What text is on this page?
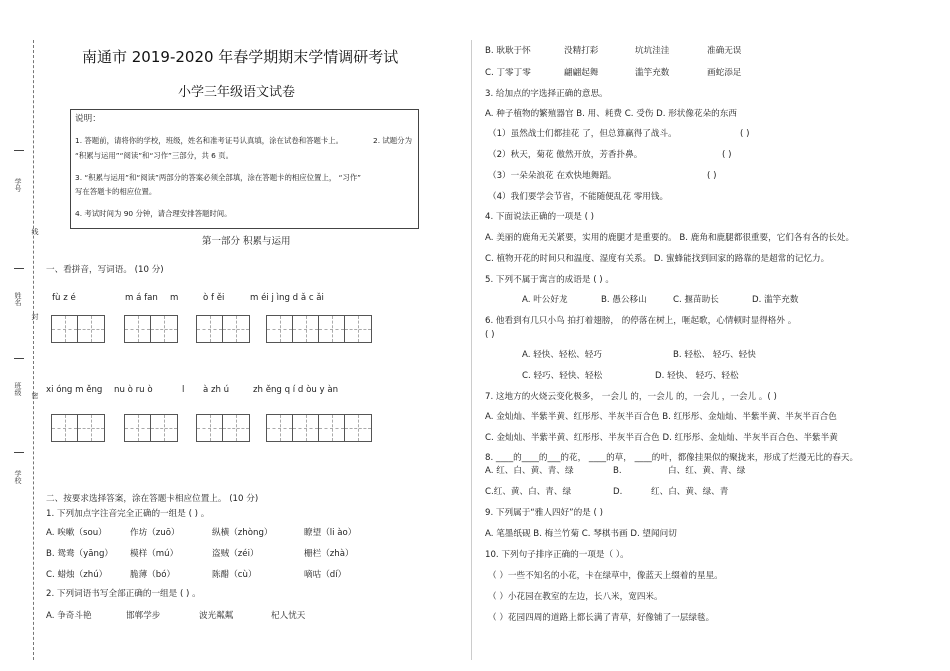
学号
线
姓名
封
班级 密
学校
南通市 2019-2020 年春学期期末学情调研考试
小学三年级语文试卷
说明：
1. 答题前，请将你的学校，班级，姓名和准考证号认真填，涂在试卷和答题卡上。	2. 试题分为
“积累与运用”“阅读”和“习作”三部分，共 6 页。
3. “积累与运用”和“阅读”两部分的答案必须全部填，涂在答题卡的相应位置上， “习作”
写在答题卡的相应位置。
4. 考试时间为 90 分钟，请合理安排答题时间。
第一部分 积累与运用
一、看拼音，写词语。 (10 分)
fù z é	m á fan m	ò f ěi	m éi j ìng d ǎ c ǎi
xi óng m ěng nu ò ru ò	l à zh ú	zh ěng q í d òu y àn
二、按要求选择答案，涂在答题卡相应位置上。 (10 分)
1. 下列加点字注音完全正确的一组是 ( ) 。
A. 唉嗽（sou）	作坊（zuō）	纵横（zhòng）	瞭望（li ào）
B. 鸳鸯（yāng） 模样（mú）	盗贼（zéi）	栅栏（zhà）
C. 蜡烛（zhú）	脆薄（bó）	陈醋（cù）	嘀咕（dí）
2. 下列词语书写全部正确的一组是 ( ) 。
A. 争奇斗艳	邯郸学步	波光粼粼	杞人忧天
B. 耿耿于怀	没精打彩	坑坑洼洼	准确无误
C. 丁零丁零	翩翩起舞	滥竽充数	画蛇添足
3. 给加点的字选择正确的意思。
A. 种子植物的繁殖器官 B. 用、耗费 C. 受伤 D. 形状像花朵的东西
（1）虽然战士们都挂花 了，但总算赢得了战斗。	( )
（2）秋天，菊花 傲然开放，芳香扑鼻。	( )
（3）一朵朵浪花 在欢快地舞蹈。	( )
（4）我们要学会节省，不能随便乱花 零用钱。
4. 下面说法正确的一项是 ( )
A. 美丽的鹿角无关紧要，实用的鹿腿才是重要的。 B. 鹿角和鹿腿都很重要，它们各有各的长处。
C. 植物开花的时间只和温度、湿度有关系。 D. 蜜蜂能找到回家的路靠的是超常的记忆力。
5. 下列不属于寓言的成语是 ( ) 。
A. 叶公好龙	B. 愚公移山	C. 揠苗助长	D. 滥竽充数
6. 他看到有几只小鸟 拍打着翅膀， 的停落在树上，咂起歌，心情顿时显得格外 。
( )
A. 轻快、轻松、轻巧	B. 轻松、 轻巧、轻快
C. 轻巧、轻快、轻松	D. 轻快、 轻巧、轻松
7. 这地方的火烧云变化极多， 一会儿 的，一会儿 的，一会儿 ，一会儿 。( )
A. 金灿灿、半紫半黄、红彤彤、半灰半百合色 B. 红彤彤、金灿灿、半紫半黄、半灰半百合色
C. 金灿灿、半紫半黄、红彤彤、半灰半百合色 D. 红彤彤、金灿灿、半灰半百合色、半紫半黄
8. ____的____的___的花， ____的草， ____的叶，都像挂果似的聚拢来，形成了烂漫无比的春天。
A. 红、白、黄、青、绿	B.	白、红、黄、青、绿
C.红、黄、白、青、绿	D.	红、白、黄、绿、青
9. 下列属于“雅人四好”的是 ( )
A. 笔墨纸砚 B. 梅兰竹菊 C. 琴棋书画 D. 望闻问切
10. 下列句子排序正确的一项是（ ）。
（ ）一些不知名的小花，卡在绿草中，像蓝天上缀着的星星。
（ ）小花园在教室的左边，长八米，宽四米。
（ ）花园四周的道路上都长满了青草，好像铺了一层绿毯。
